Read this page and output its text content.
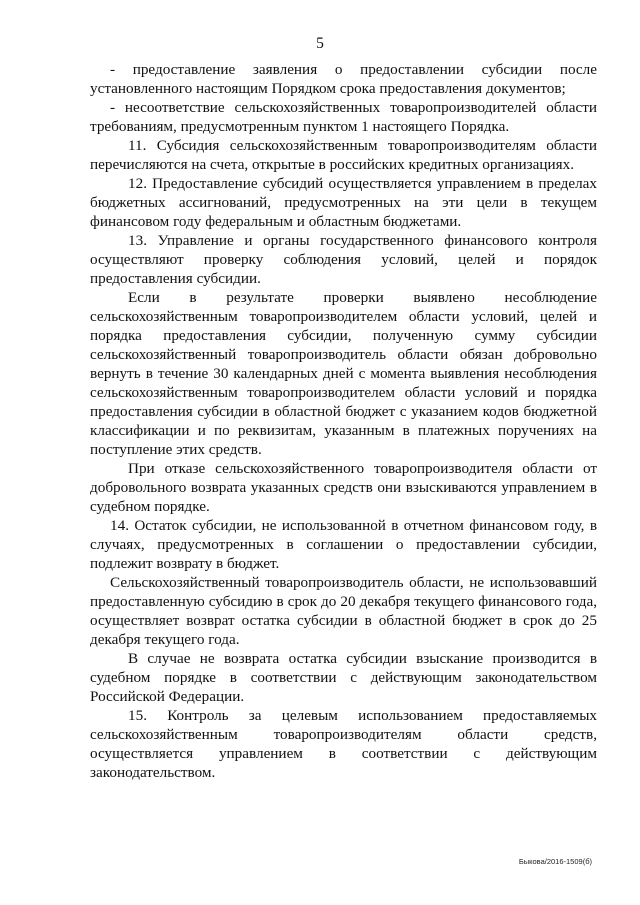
5

- предоставление заявления о предоставлении субсидии после установленного настоящим Порядком срока предоставления документов;

- несоответствие сельскохозяйственных товаропроизводителей области требованиям, предусмотренным пунктом 1 настоящего Порядка.

11. Субсидия сельскохозяйственным товаропроизводителям области перечисляются на счета, открытые в российских кредитных организациях.

12. Предоставление субсидий осуществляется управлением в пределах бюджетных ассигнований, предусмотренных на эти цели в текущем финансовом году федеральным и областным бюджетами.

13. Управление и органы государственного финансового контроля осуществляют проверку соблюдения условий, целей и порядок предоставления субсидии.

Если в результате проверки выявлено несоблюдение сельскохозяйственным товаропроизводителем области условий, целей и порядка предоставления субсидии, полученную сумму субсидии сельскохозяйственный товаропроизводитель области обязан добровольно вернуть в течение 30 календарных дней с момента выявления несоблюдения сельскохозяйственным товаропроизводителем области условий и порядка предоставления субсидии в областной бюджет с указанием кодов бюджетной классификации и по реквизитам, указанным в платежных поручениях на поступление этих средств.

При отказе сельскохозяйственного товаропроизводителя области от добровольного возврата указанных средств они взыскиваются управлением в судебном порядке.

14. Остаток субсидии, не использованной в отчетном финансовом году, в случаях, предусмотренных в соглашении о предоставлении субсидии, подлежит возврату в бюджет.

Сельскохозяйственный товаропроизводитель области, не использовавший предоставленную субсидию в срок до 20 декабря текущего финансового года, осуществляет возврат остатка субсидии в областной бюджет в срок до 25 декабря текущего года.

В случае не возврата остатка субсидии взыскание производится в судебном порядке в соответствии с действующим законодательством Российской Федерации.

15. Контроль за целевым использованием предоставляемых сельскохозяйственным товаропроизводителям области средств, осуществляется управлением в соответствии с действующим законодательством.

Быкова/2016-1509(б)
